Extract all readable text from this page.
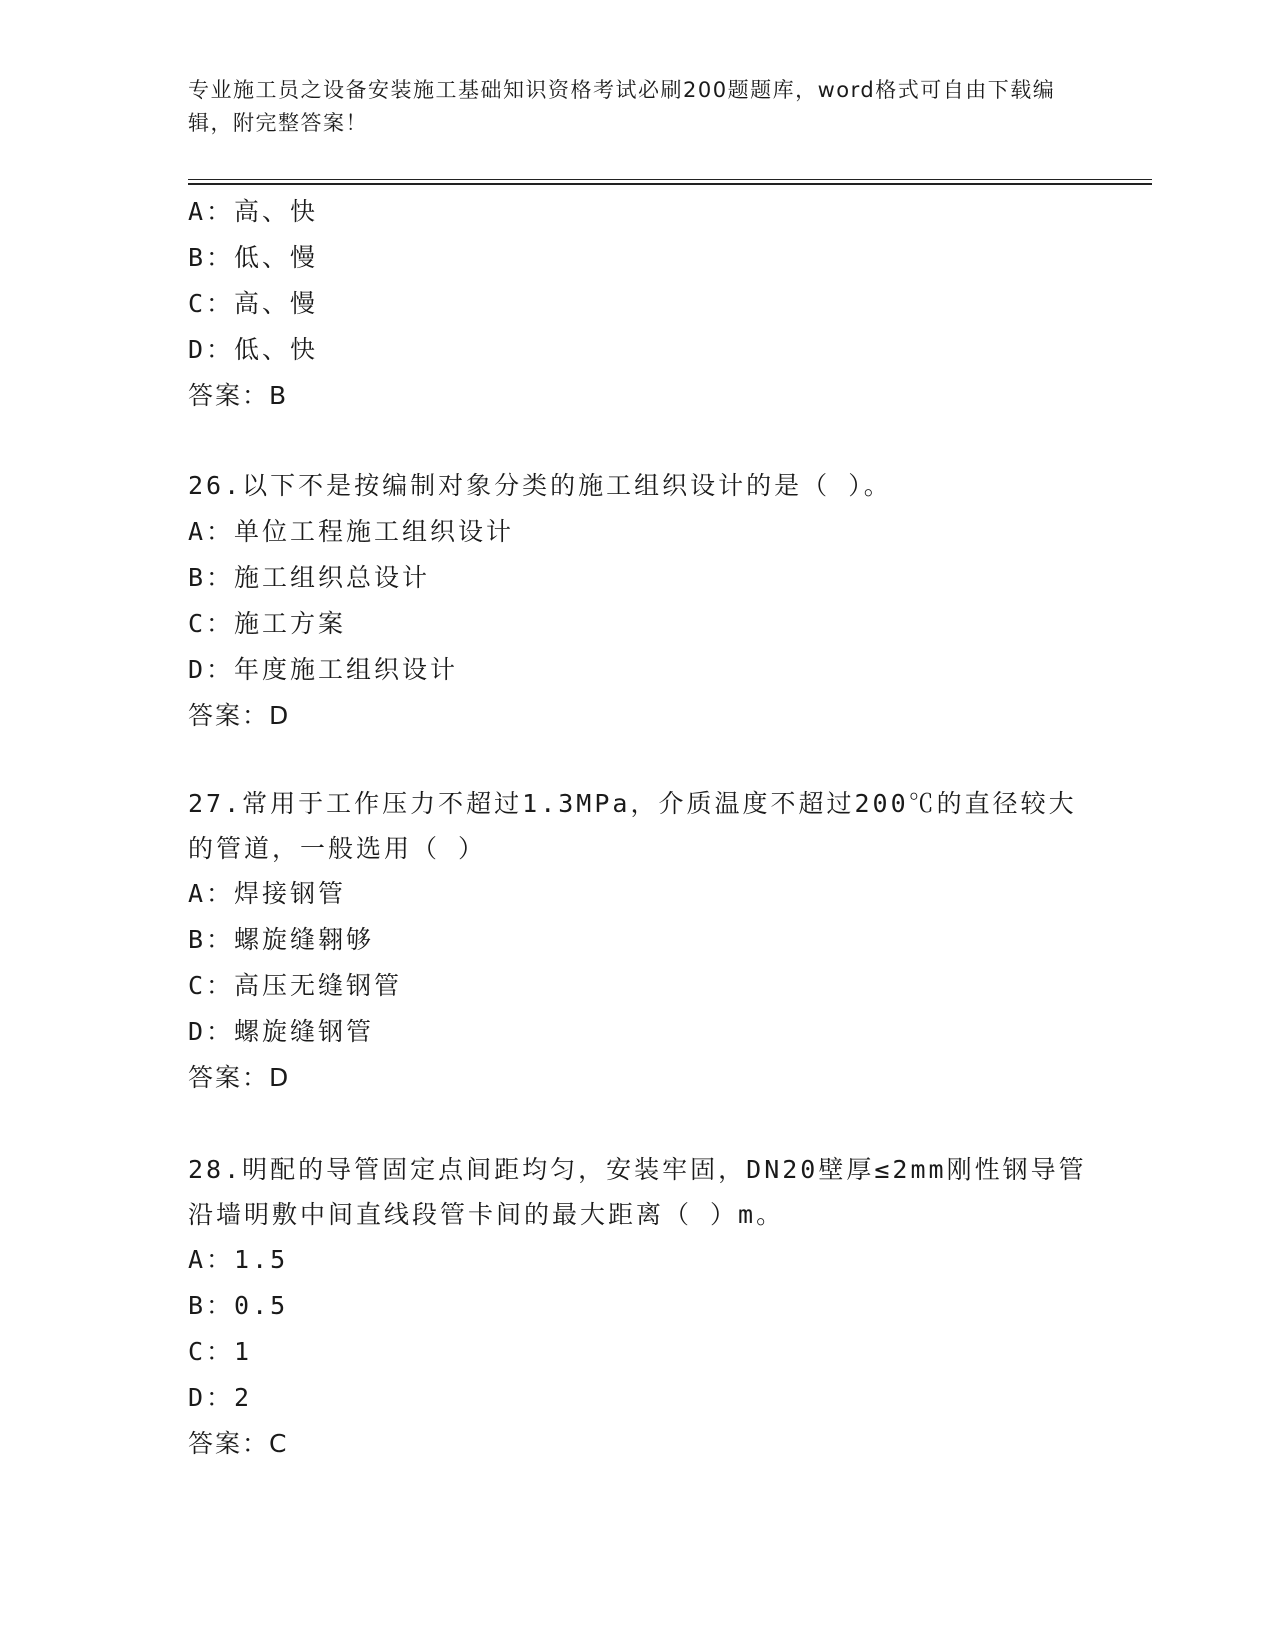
专业施工员之设备安装施工基础知识资格考试必刷200题题库，word格式可自由下载编辑，附完整答案！
A：高、快
B：低、慢
C：高、慢
D：低、快
答案：B
26.以下不是按编制对象分类的施工组织设计的是（ ）。
A：单位工程施工组织设计
B：施工组织总设计
C：施工方案
D：年度施工组织设计
答案：D
27.常用于工作压力不超过1.3MPa，介质温度不超过200℃的直径较大的管道，一般选用（ ）
A：焊接钢管
B：螺旋缝翱够
C：高压无缝钢管
D：螺旋缝钢管
答案：D
28.明配的导管固定点间距均匀，安装牢固，DN20壁厚≤2mm刚性钢导管沿墙明敷中间直线段管卡间的最大距离（ ）m。
A：1.5
B：0.5
C：1
D：2
答案：C
